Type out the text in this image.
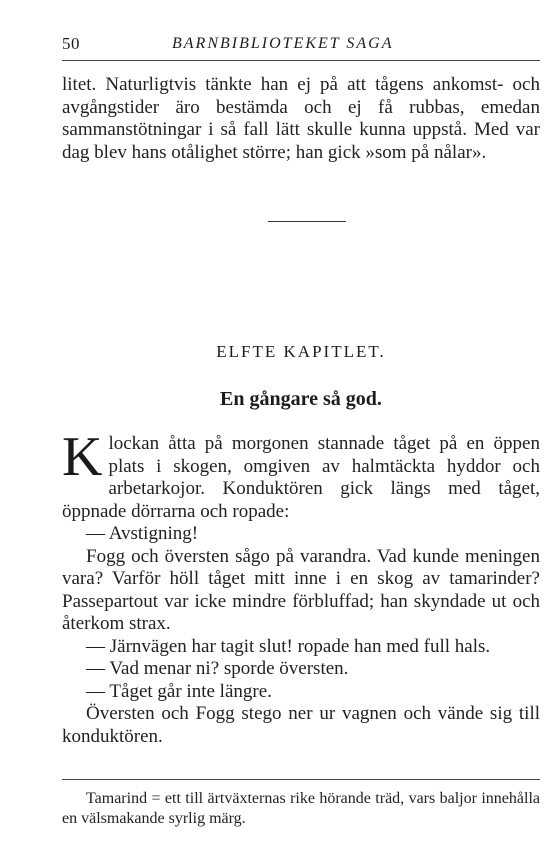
50	BARNBIBLIOTEKET SAGA

litet. Naturligtvis tänkte han ej på att tågens ankomst- och avgångstider äro bestämda och ej få rubbas, emedan sammanstötningar i så fall lätt skulle kunna uppstå. Med var dag blev hans otålighet större; han gick »som på nålar».

ELFTE KAPITLET.
En gångare så god.

K lockan åtta på morgonen stannade tåget på en öppen plats i skogen, omgiven av halmtäckta hyddor och arbetarkojor. Konduktören gick längs med tåget, öppnade dörrarna och ropade:

— Avstigning!

Fogg och översten sågo på varandra. Vad kunde meningen vara? Varför höll tåget mitt inne i en skog av tamarinder? Passepartout var icke mindre förbluffad; han skyndade ut och återkom strax.

— Järnvägen har tagit slut! ropade han med full hals.

— Vad menar ni? sporde översten.

— Tåget går inte längre.

Översten och Fogg stego ner ur vagnen och vände sig till konduktören.

Tamarind = ett till ärtväxternas rike hörande träd, vars baljor innehålla en välsmakande syrlig märg.
